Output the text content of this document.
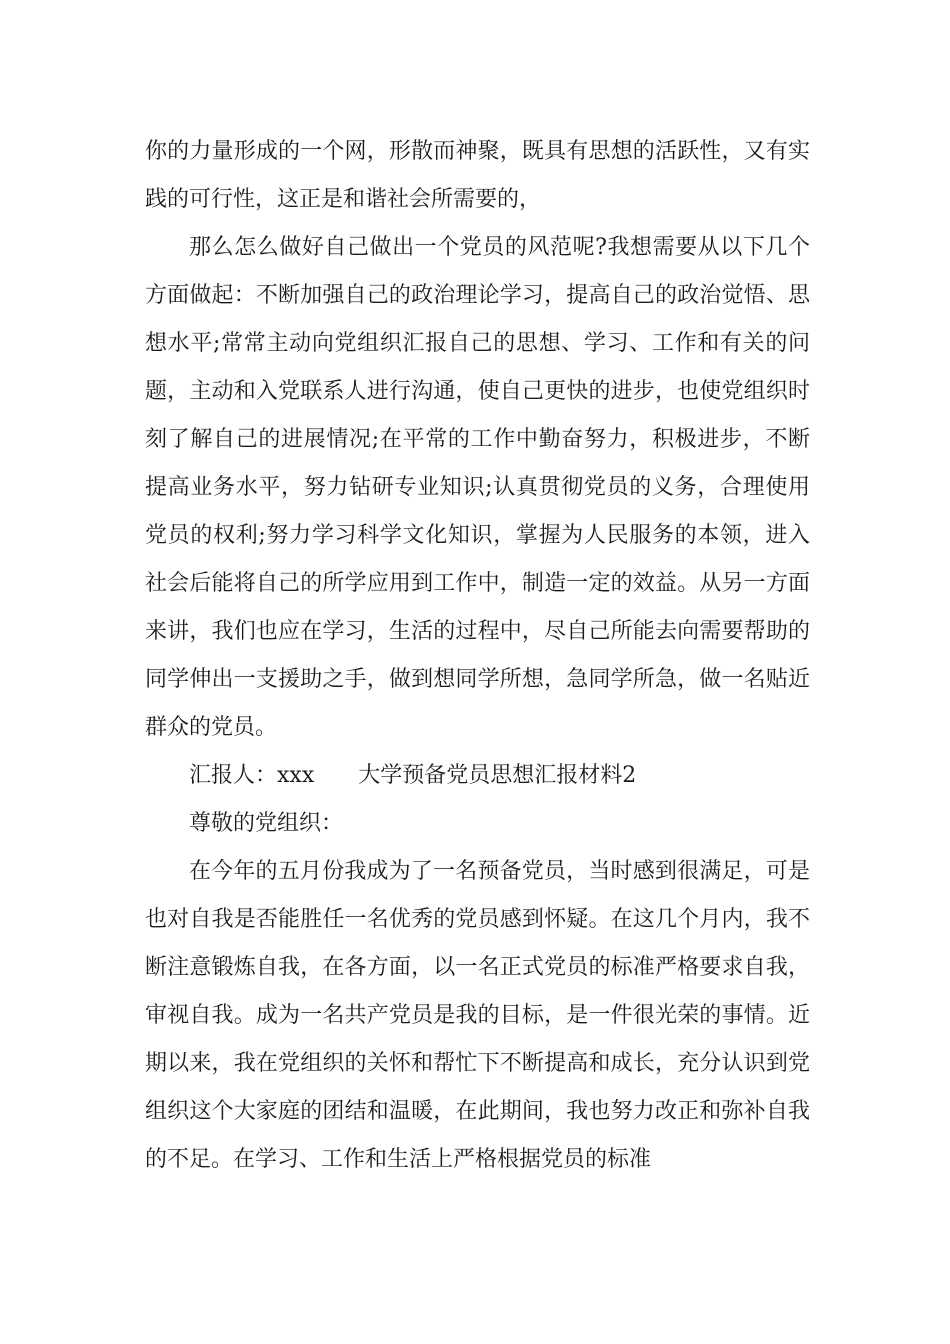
你的力量形成的一个网，形散而神聚，既具有思想的活跃性，又有实践的可行性，这正是和谐社会所需要的，

那么怎么做好自己做出一个党员的风范呢?我想需要从以下几个方面做起：不断加强自己的政治理论学习，提高自己的政治觉悟、思想水平;常常主动向党组织汇报自己的思想、学习、工作和有关的问题，主动和入党联系人进行沟通，使自己更快的进步，也使党组织时刻了解自己的进展情况;在平常的工作中勤奋努力，积极进步，不断提高业务水平，努力钻研专业知识;认真贯彻党员的义务，合理使用党员的权利;努力学习科学文化知识，掌握为人民服务的本领，进入社会后能将自己的所学应用到工作中，制造一定的效益。从另一方面来讲，我们也应在学习，生活的过程中，尽自己所能去向需要帮助的同学伸出一支援助之手，做到想同学所想，急同学所急，做一名贴近群众的党员。

汇报人：xxx 大学预备党员思想汇报材料2

尊敬的党组织：

在今年的五月份我成为了一名预备党员，当时感到很满足，可是也对自我是否能胜任一名优秀的党员感到怀疑。在这几个月内，我不断注意锻炼自我，在各方面，以一名正式党员的标准严格要求自我，审视自我。成为一名共产党员是我的目标，是一件很光荣的事情。近期以来，我在党组织的关怀和帮忙下不断提高和成长，充分认识到党组织这个大家庭的团结和温暖，在此期间，我也努力改正和弥补自我的不足。在学习、工作和生活上严格根据党员的标准
